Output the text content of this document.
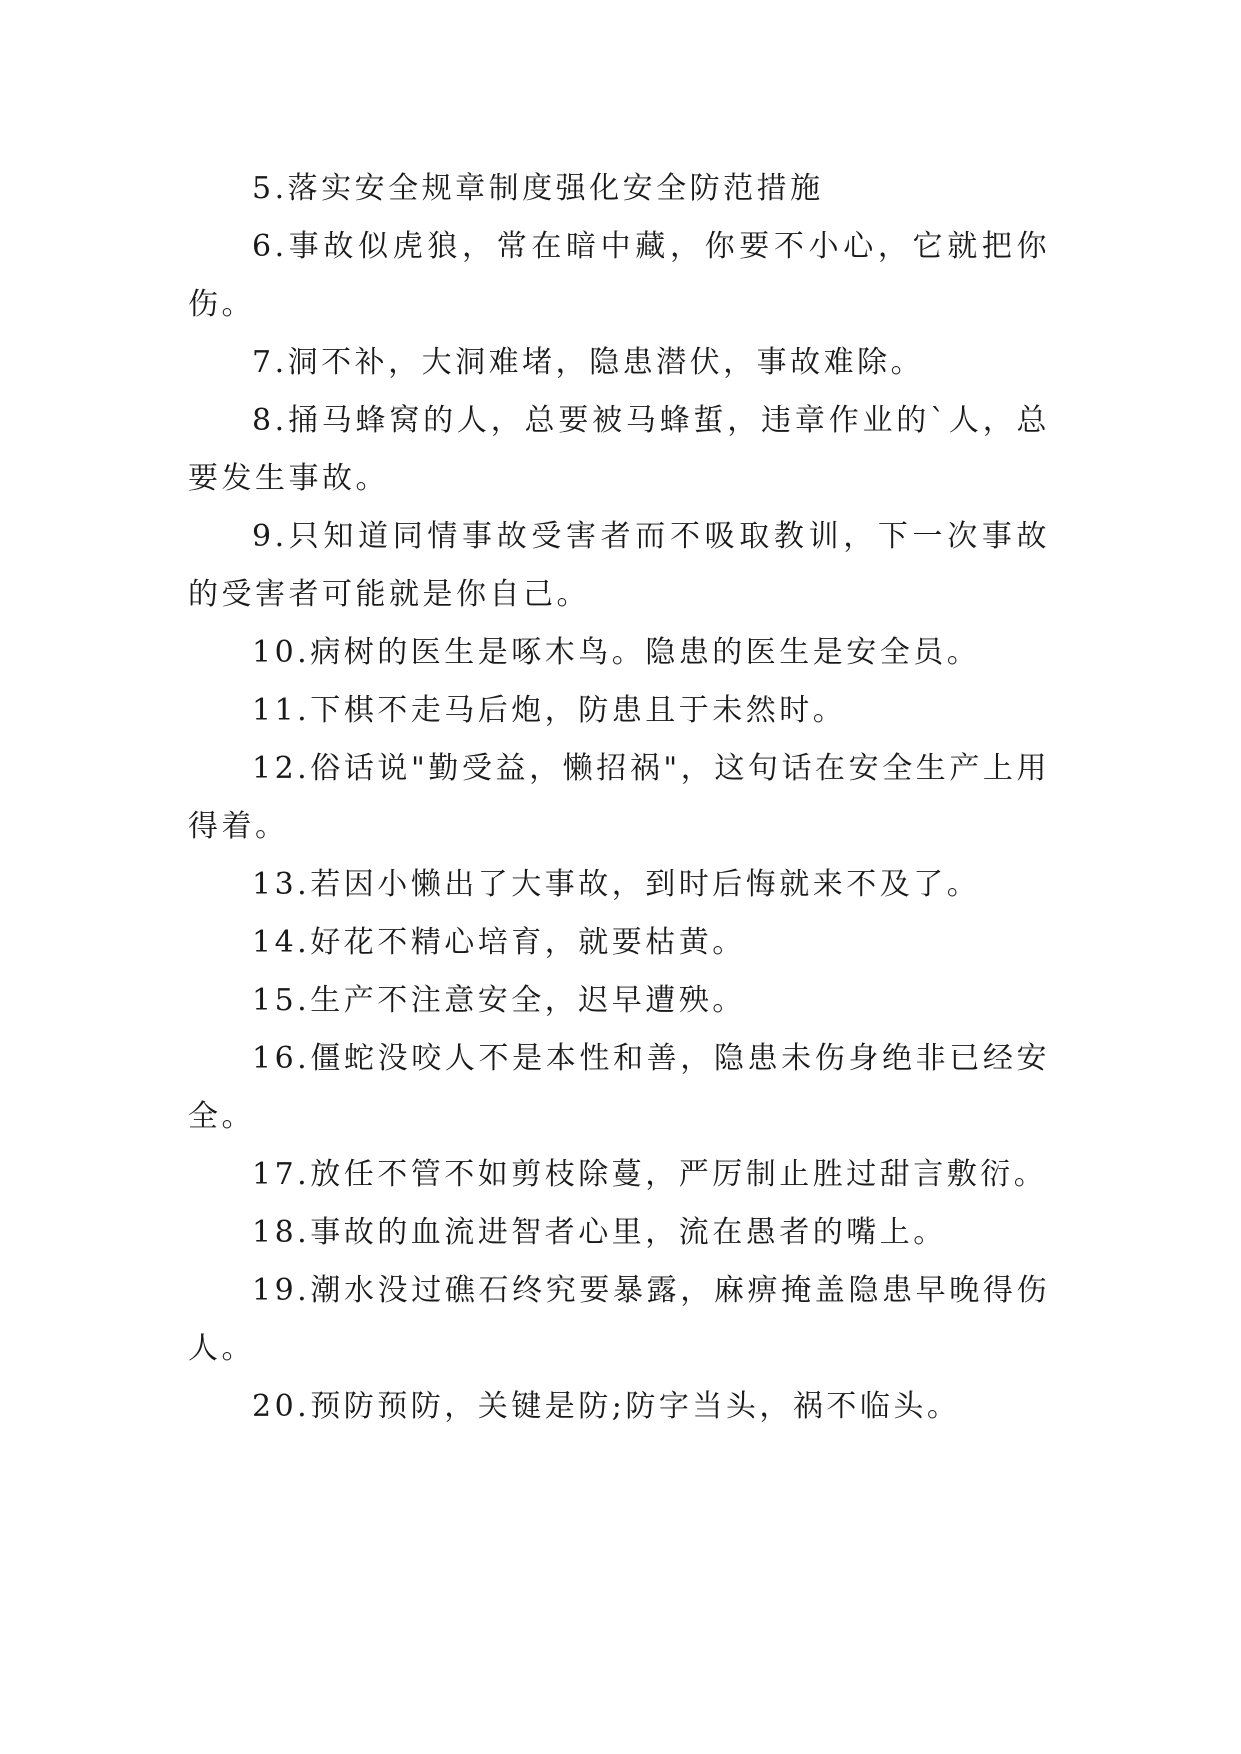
5.落实安全规章制度强化安全防范措施

6.事故似虎狼，常在暗中藏，你要不小心，它就把你伤。

7.洞不补，大洞难堵，隐患潜伏，事故难除。

8.捅马蜂窝的人，总要被马蜂蜇，违章作业的`人，总要发生事故。

9.只知道同情事故受害者而不吸取教训，下一次事故的受害者可能就是你自己。

10.病树的医生是啄木鸟。隐患的医生是安全员。

11.下棋不走马后炮，防患且于未然时。

12.俗话说"勤受益，懒招祸"，这句话在安全生产上用得着。

13.若因小懒出了大事故，到时后悔就来不及了。

14.好花不精心培育，就要枯黄。

15.生产不注意安全，迟早遭殃。

16.僵蛇没咬人不是本性和善，隐患未伤身绝非已经安全。

17.放任不管不如剪枝除蔓，严厉制止胜过甜言敷衍。

18.事故的血流进智者心里，流在愚者的嘴上。

19.潮水没过礁石终究要暴露，麻痹掩盖隐患早晚得伤人。

20.预防预防，关键是防;防字当头，祸不临头。
